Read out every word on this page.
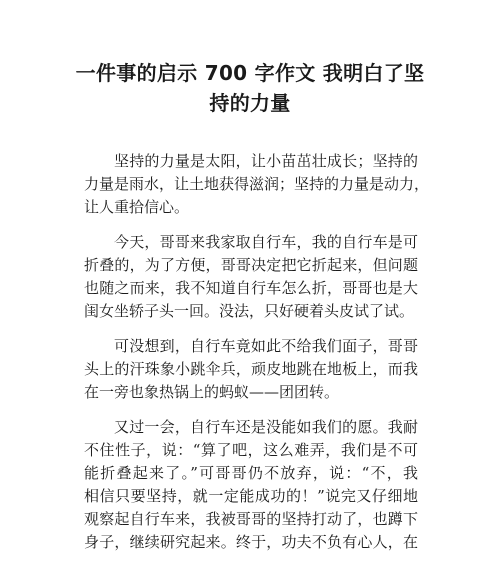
一件事的启示 700 字作文 我明白了坚
持的力量
坚持的力量是太阳，让小苗茁壮成长；坚持的
力量是雨水，让土地获得滋润；坚持的力量是动力，
让人重拾信心。
今天，哥哥来我家取自行车，我的自行车是可
折叠的，为了方便，哥哥决定把它折起来，但问题
也随之而来，我不知道自行车怎么折，哥哥也是大
闺女坐轿子头一回。没法，只好硬着头皮试了试。
可没想到，自行车竟如此不给我们面子，哥哥
头上的汗珠象小跳伞兵，顽皮地跳在地板上，而我
在一旁也象热锅上的蚂蚁——团团转。
又过一会，自行车还是没能如我们的愿。我耐
不住性子，说：“算了吧，这么难弄，我们是不可
能折叠起来了。”可哥哥仍不放弃，说：“不，我
相信只要坚持，就一定能成功的！”说完又仔细地
观察起自行车来，我被哥哥的坚持打动了，也蹲下
身子，继续研究起来。终于，功夫不负有心人，在
